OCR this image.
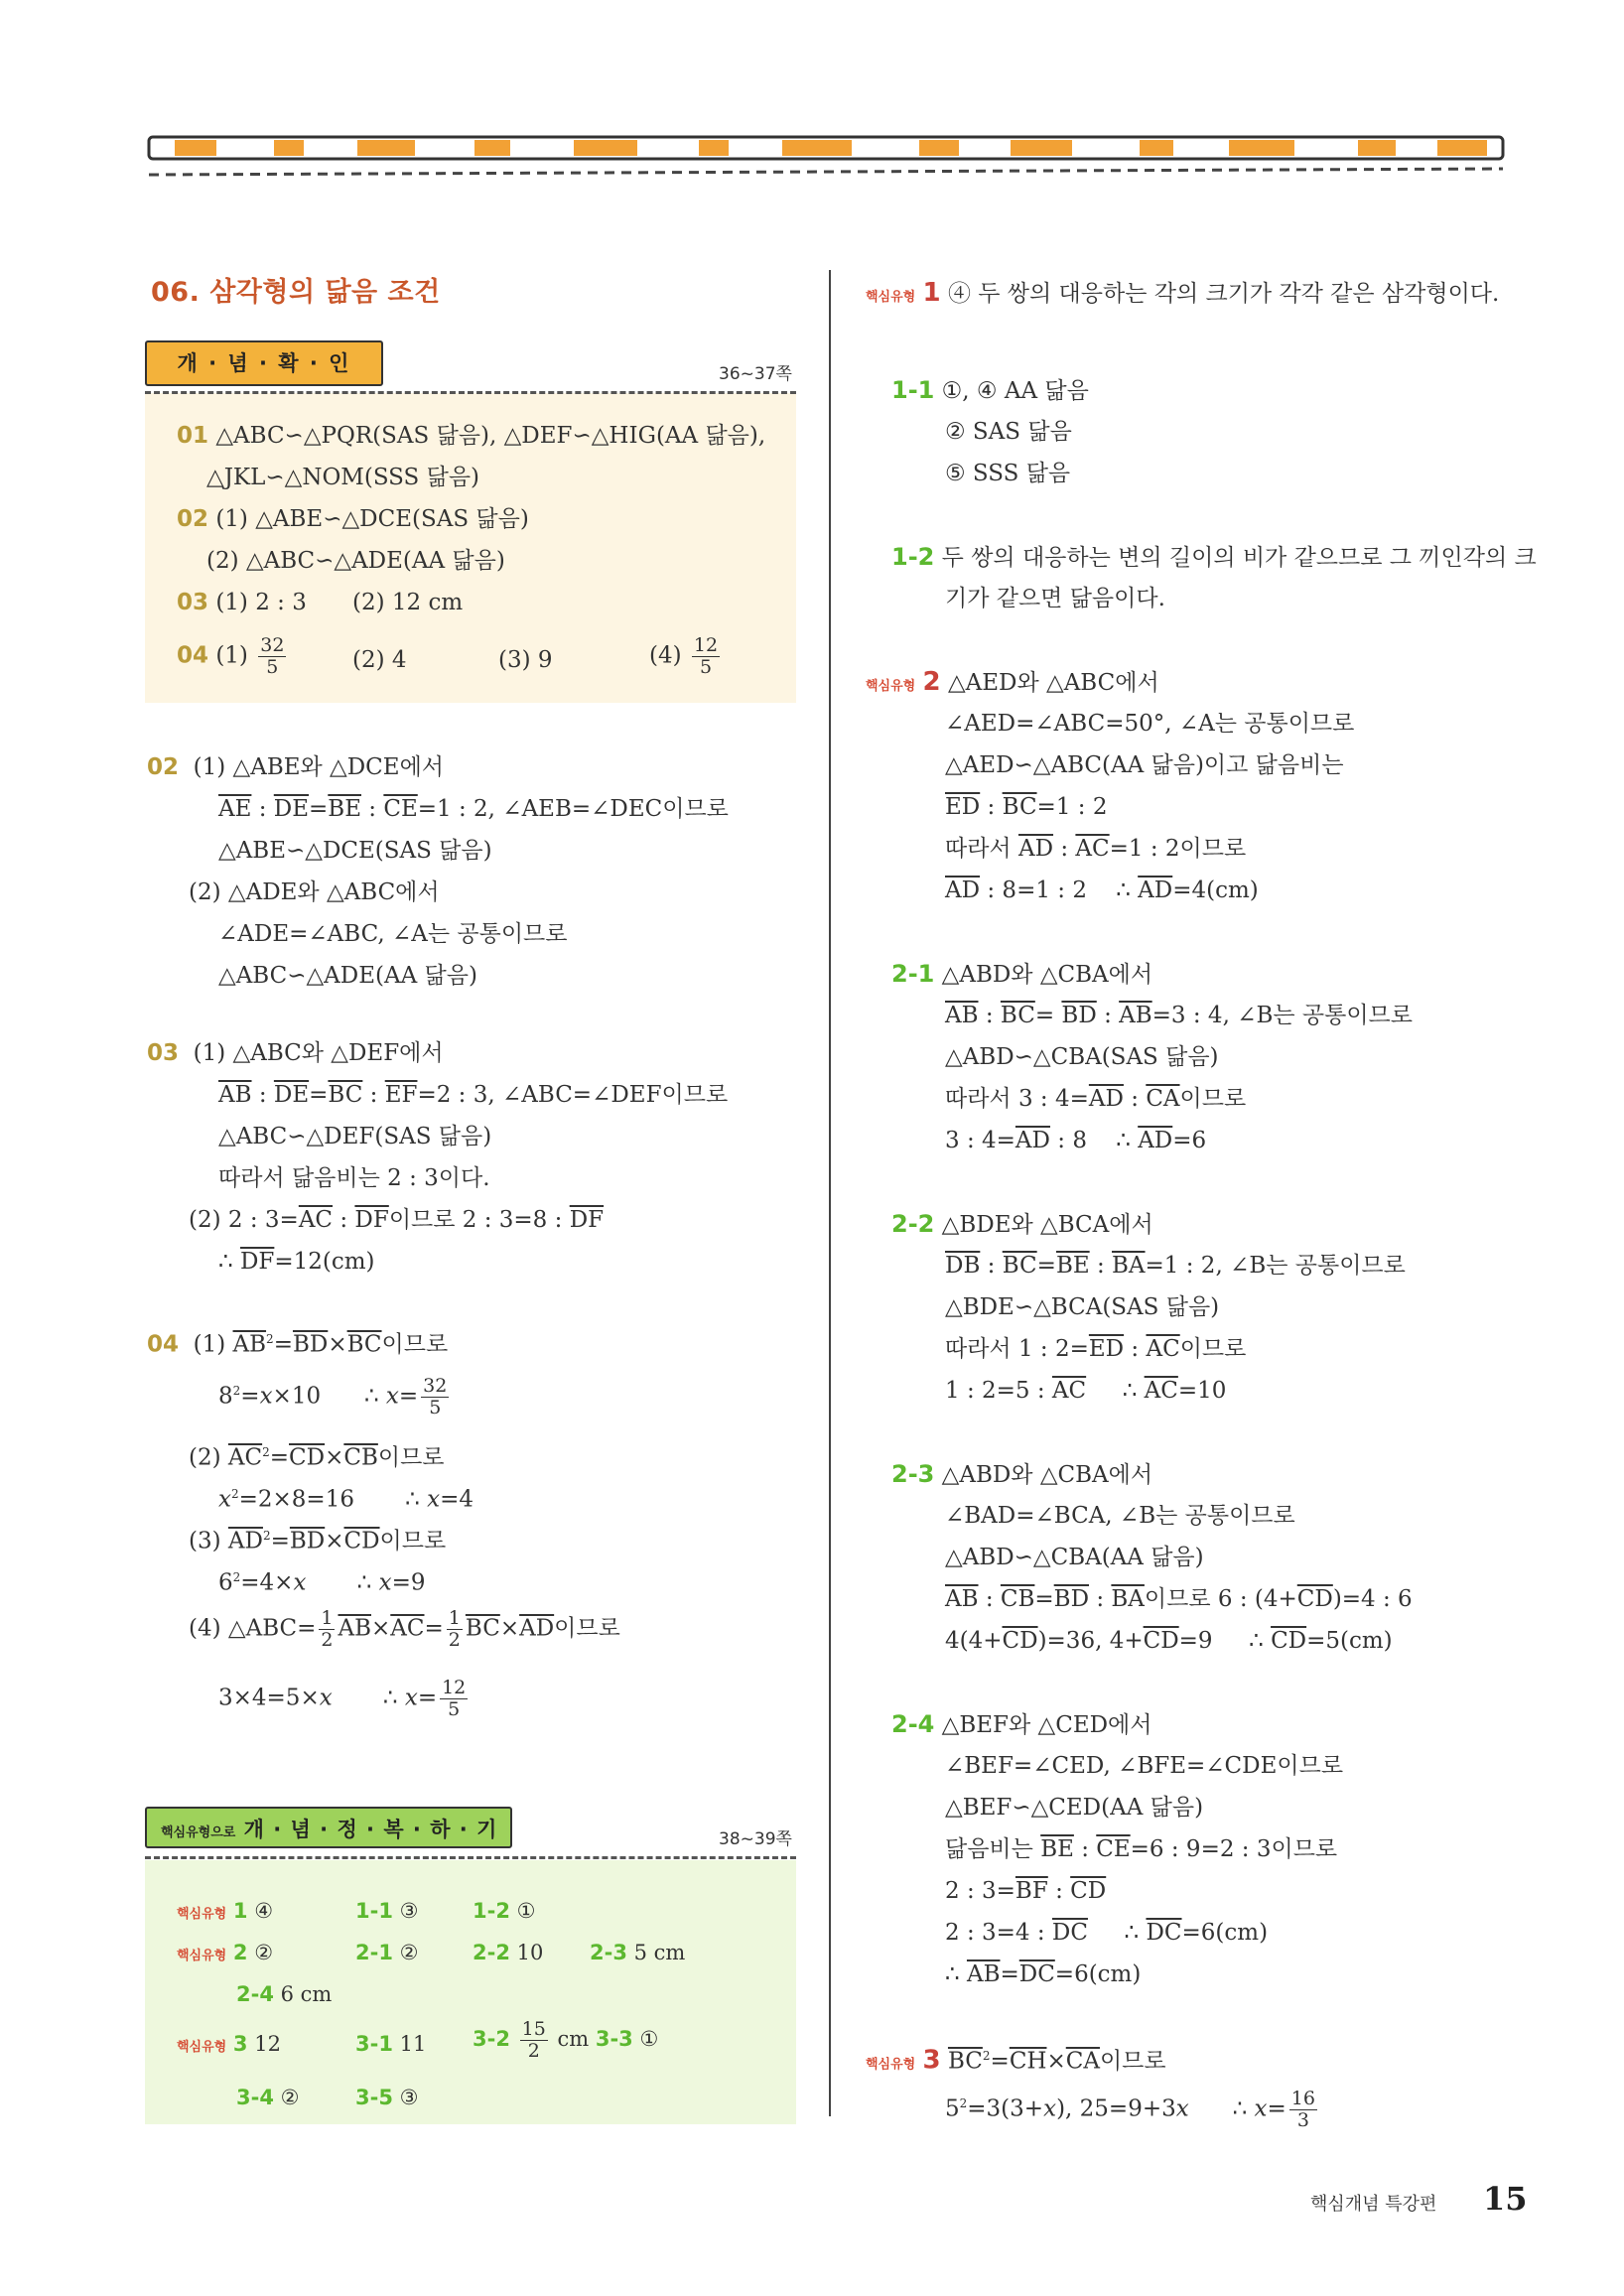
06. 삼각형의 닮음 조건
개 · 념 · 확 · 인	36~37쪽
01 △ABC∽△PQR(SAS 닮음), △DEF∽△HIG(AA 닮음),
△JKL∽△NOM(SSS 닮음)
02 (1) △ABE∽△DCE(SAS 닮음)
(2) △ABC∽△ADE(AA 닮음)
03 (1) 2 : 3 (2) 12 cm
04 $(1) \frac{32}{5}$	(2) 4	(3) 9	$(4) \frac{12}{5}$
02 (1) △ABE와 △DCE에서
$\overline{AE}$ : $\overline{DE}=\overline{BE}$ : $\overline{CE}=1$ : 2, ∠AEB=∠DEC이므로
△ABE∽△DCE(SAS 닮음)
(2) △ADE와 △ABC에서
∠ADE=∠ABC, ∠A는 공통이므로
△ABC∽△ADE(AA 닮음)
03 (1) △ABC와 △DEF에서
$\overline{AB}$ : $\overline{DE}=\overline{BC}$ : $\overline{EF}=2$ : 3, ∠ABC=∠DEF이므로
△ABC∽△DEF(SAS 닮음)
따라서 닮음비는 2 : 3이다.
(2) 2 : $3=\overline{AC}$ : $\overline{DF}$이므로 2 : 3=8 : $\overline{DF}$
∴ $\overline{DF}=12(cm)$
04  (1) $\overline{AB}^2=\overline{BD}\times\overline{BC}$이므로
$8^2=x\times 10$      ∴ $x= \frac{32}{5}$
(2) $\overline{AC}^2=\overline{CD}\times\overline{CB}$이므로
$x^2=2\times 8=16$       ∴ x=4
(3) $\overline{AD}^2=\overline{BD}\times\overline{CD}$이므로
$6^2=4\times x$       ∴ x=9
(4) △ABC= $\frac{1}{2} \overline{AB}\times\overline{AC}= \frac{1}{2} \overline{BC}\times\overline{AD}$이므로
3×4=5×x       ∴ $x= \frac{12}{5}$
핵심유형으로 개 · 념 · 정 · 복 · 하 · 기	38~39쪽
핵심유형 1 ④	1-1 ③	1-2 ①
핵심유형 2 ②	2-1 ②	2-2 10 2-3 5 cm
2-4 6 cm
핵심유형 3 12	3-1 11 $3-2 \frac{15}{2}$ cm 3-3 ①
3-4 ②	3-5 ③
핵심유형 1 ④ 두 쌍의 대응하는 각의 크기가 각각 같은 삼각형이다.
1-1 ①, ④ AA 닮음
② SAS 닮음
⑤ SSS 닮음
1-2 두 쌍의 대응하는 변의 길이의 비가 같으므로 그 끼인각의 크
기가 같으면 닮음이다.
핵심유형 2 △AED와 △ABC에서
∠AED=∠ABC=50°, ∠A는 공통이므로
△AED∽△ABC(AA 닮음)이고 닮음비는
$\overline{ED}$ : $\overline{BC}=1$ : 2
따라서 $\overline{AD}$ : $\overline{AC}=1$ : 2이므로
$\overline{AD}$ : 8=1 : 2    ∴ $\overline{AD}=4(cm)$
2-1 △ABD와 △CBA에서
$\overline{AB}$ : $\overline{BC}= \overline{BD}$ : $\overline{AB}=3$ : 4, ∠B는 공통이므로
△ABD∽△CBA(SAS 닮음)
따라서 3 : $4=\overline{AD}$ : $\overline{CA}$이므로
3 : $4=\overline{AD}$ : 8    ∴ $\overline{AD}=6$
2-2 △BDE와 △BCA에서
$\overline{DB}$ : $\overline{BC}=\overline{BE}$ : $\overline{BA}=1$ : 2, ∠B는 공통이므로
△BDE∽△BCA(SAS 닮음)
따라서 1 : $2=\overline{ED}$ : $\overline{AC}$이므로
1 : 2=5 : $\overline{AC}$     ∴ $\overline{AC}=10$
2-3 △ABD와 △CBA에서
∠BAD=∠BCA, ∠B는 공통이므로
△ABD∽△CBA(AA 닮음)
$\overline{AB}$ : $\overline{CB}=\overline{BD}$ : $\overline{BA}$이므로 6 : $(4+\overline{CD})=4$ : 6
$4(4+\overline{CD})=36$, $4+\overline{CD}=9$     ∴ $\overline{CD}=5(cm)$
2-4 △BEF와 △CED에서
∠BEF=∠CED, ∠BFE=∠CDE이므로
△BEF∽△CED(AA 닮음)
닮음비는 $\overline{BE}$ : $\overline{CE}=6$ : 9=2 : 3이므로
2 : $3=\overline{BF}$ : $\overline{CD}$
2 : 3=4 : $\overline{DC}$     ∴ $\overline{DC}=6(cm)$
∴ $\overline{AB}=\overline{DC}=6(cm)$
핵심유형 3 $\overline{BC}^2=\overline{CH}\times\overline{CA}$이므로
$5^2=3(3+x)$, 25=9+3x      ∴ $x= \frac{16}{3}$
핵심개념 특강편 15
